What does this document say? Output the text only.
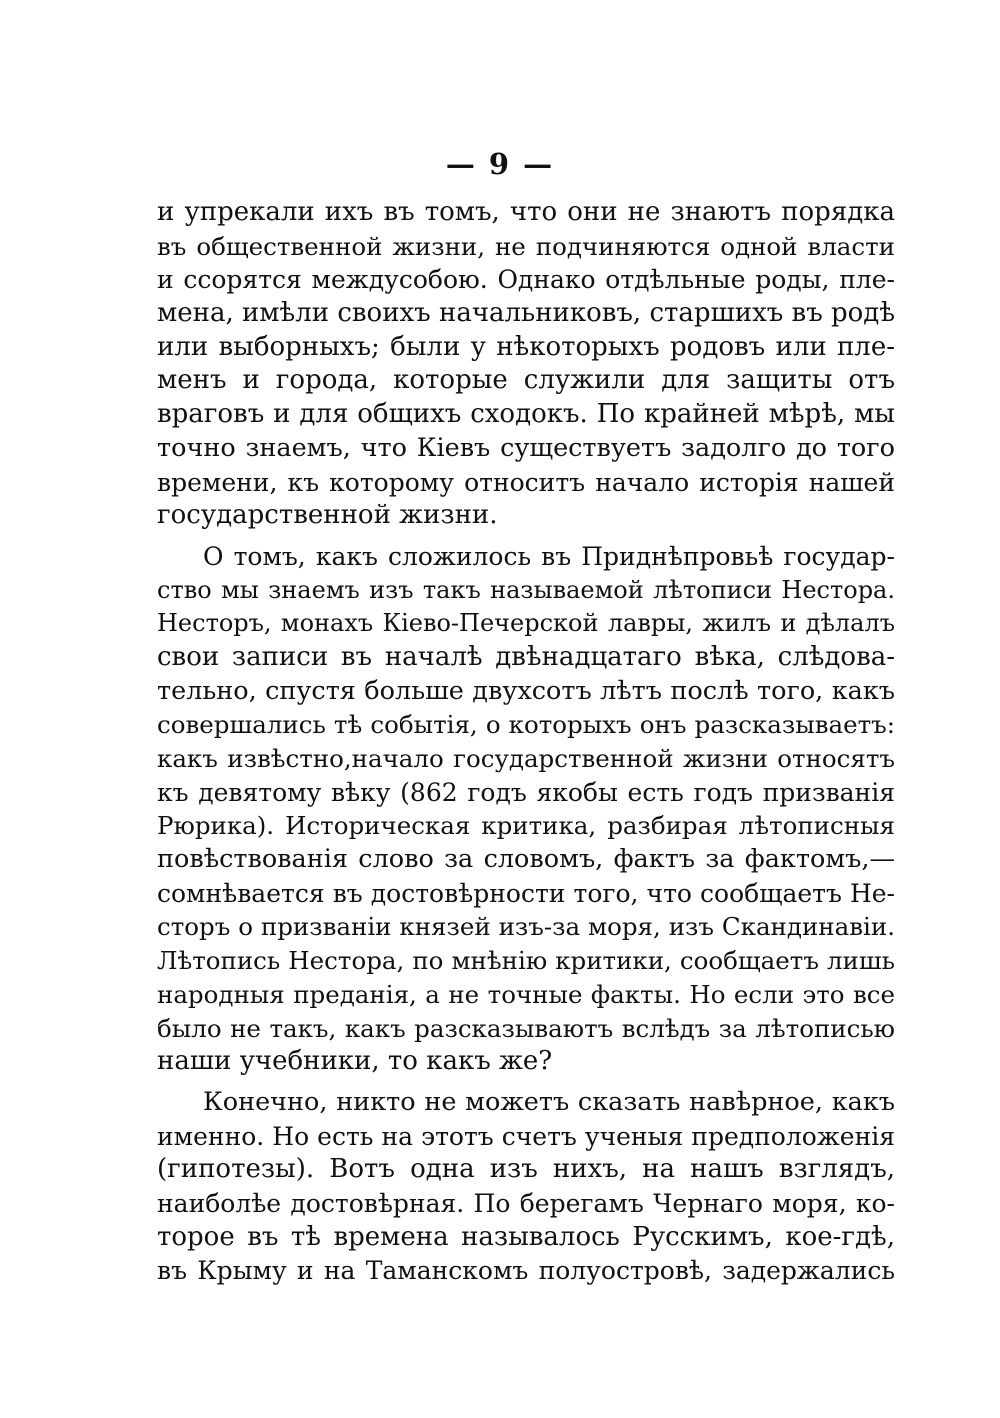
— 9 —
и упрекали ихъ въ томъ, что они не знаютъ порядка
въ общественной жизни, не подчиняются одной власти
и ссорятся междусобою. Однако отдѣльные роды, пле-
мена, имѣли своихъ начальниковъ, старшихъ въ родѣ
или выборныхъ; были у нѣкоторыхъ родовъ или пле-
менъ и города, которые служили для защиты отъ
враговъ и для общихъ сходокъ. По крайней мѣрѣ, мы
точно знаемъ, что Кіевъ существуетъ задолго до того
времени, къ которому относитъ начало исторія нашей
государственной жизни.
О томъ, какъ сложилось въ Приднѣпровьѣ государ-
ство мы знаемъ изъ такъ называемой лѣтописи Нестора.
Несторъ, монахъ Кіево-Печерской лавры, жилъ и дѣлалъ
свои записи въ началѣ двѣнадцатаго вѣка, слѣдова-
тельно, спустя больше двухсотъ лѣтъ послѣ того, какъ
совершались тѣ событія, о которыхъ онъ разсказываетъ:
какъ извѣстно,начало государственной жизни относятъ
къ девятому вѣку (862 годъ якобы есть годъ призванія
Рюрика). Историческая критика, разбирая лѣтописныя
повѣствованія слово за словомъ, фактъ за фактомъ,—
сомнѣвается въ достовѣрности того, что сообщаетъ Не-
сторъ о призваніи князей изъ-за моря, изъ Скандинавіи.
Лѣтопись Нестора, по мнѣнію критики, сообщаетъ лишь
народныя преданія, а не точные факты. Но если это все
было не такъ, какъ разсказываютъ вслѣдъ за лѣтописью
наши учебники, то какъ же?
Конечно, никто не можетъ сказать навѣрное, какъ
именно. Но есть на этотъ счетъ ученыя предположенія
(гипотезы). Вотъ одна изъ нихъ, на нашъ взглядъ,
наиболѣе достовѣрная. По берегамъ Чернаго моря, ко-
торое въ тѣ времена называлось Русскимъ, кое-гдѣ,
въ Крыму и на Таманскомъ полуостровѣ, задержались
